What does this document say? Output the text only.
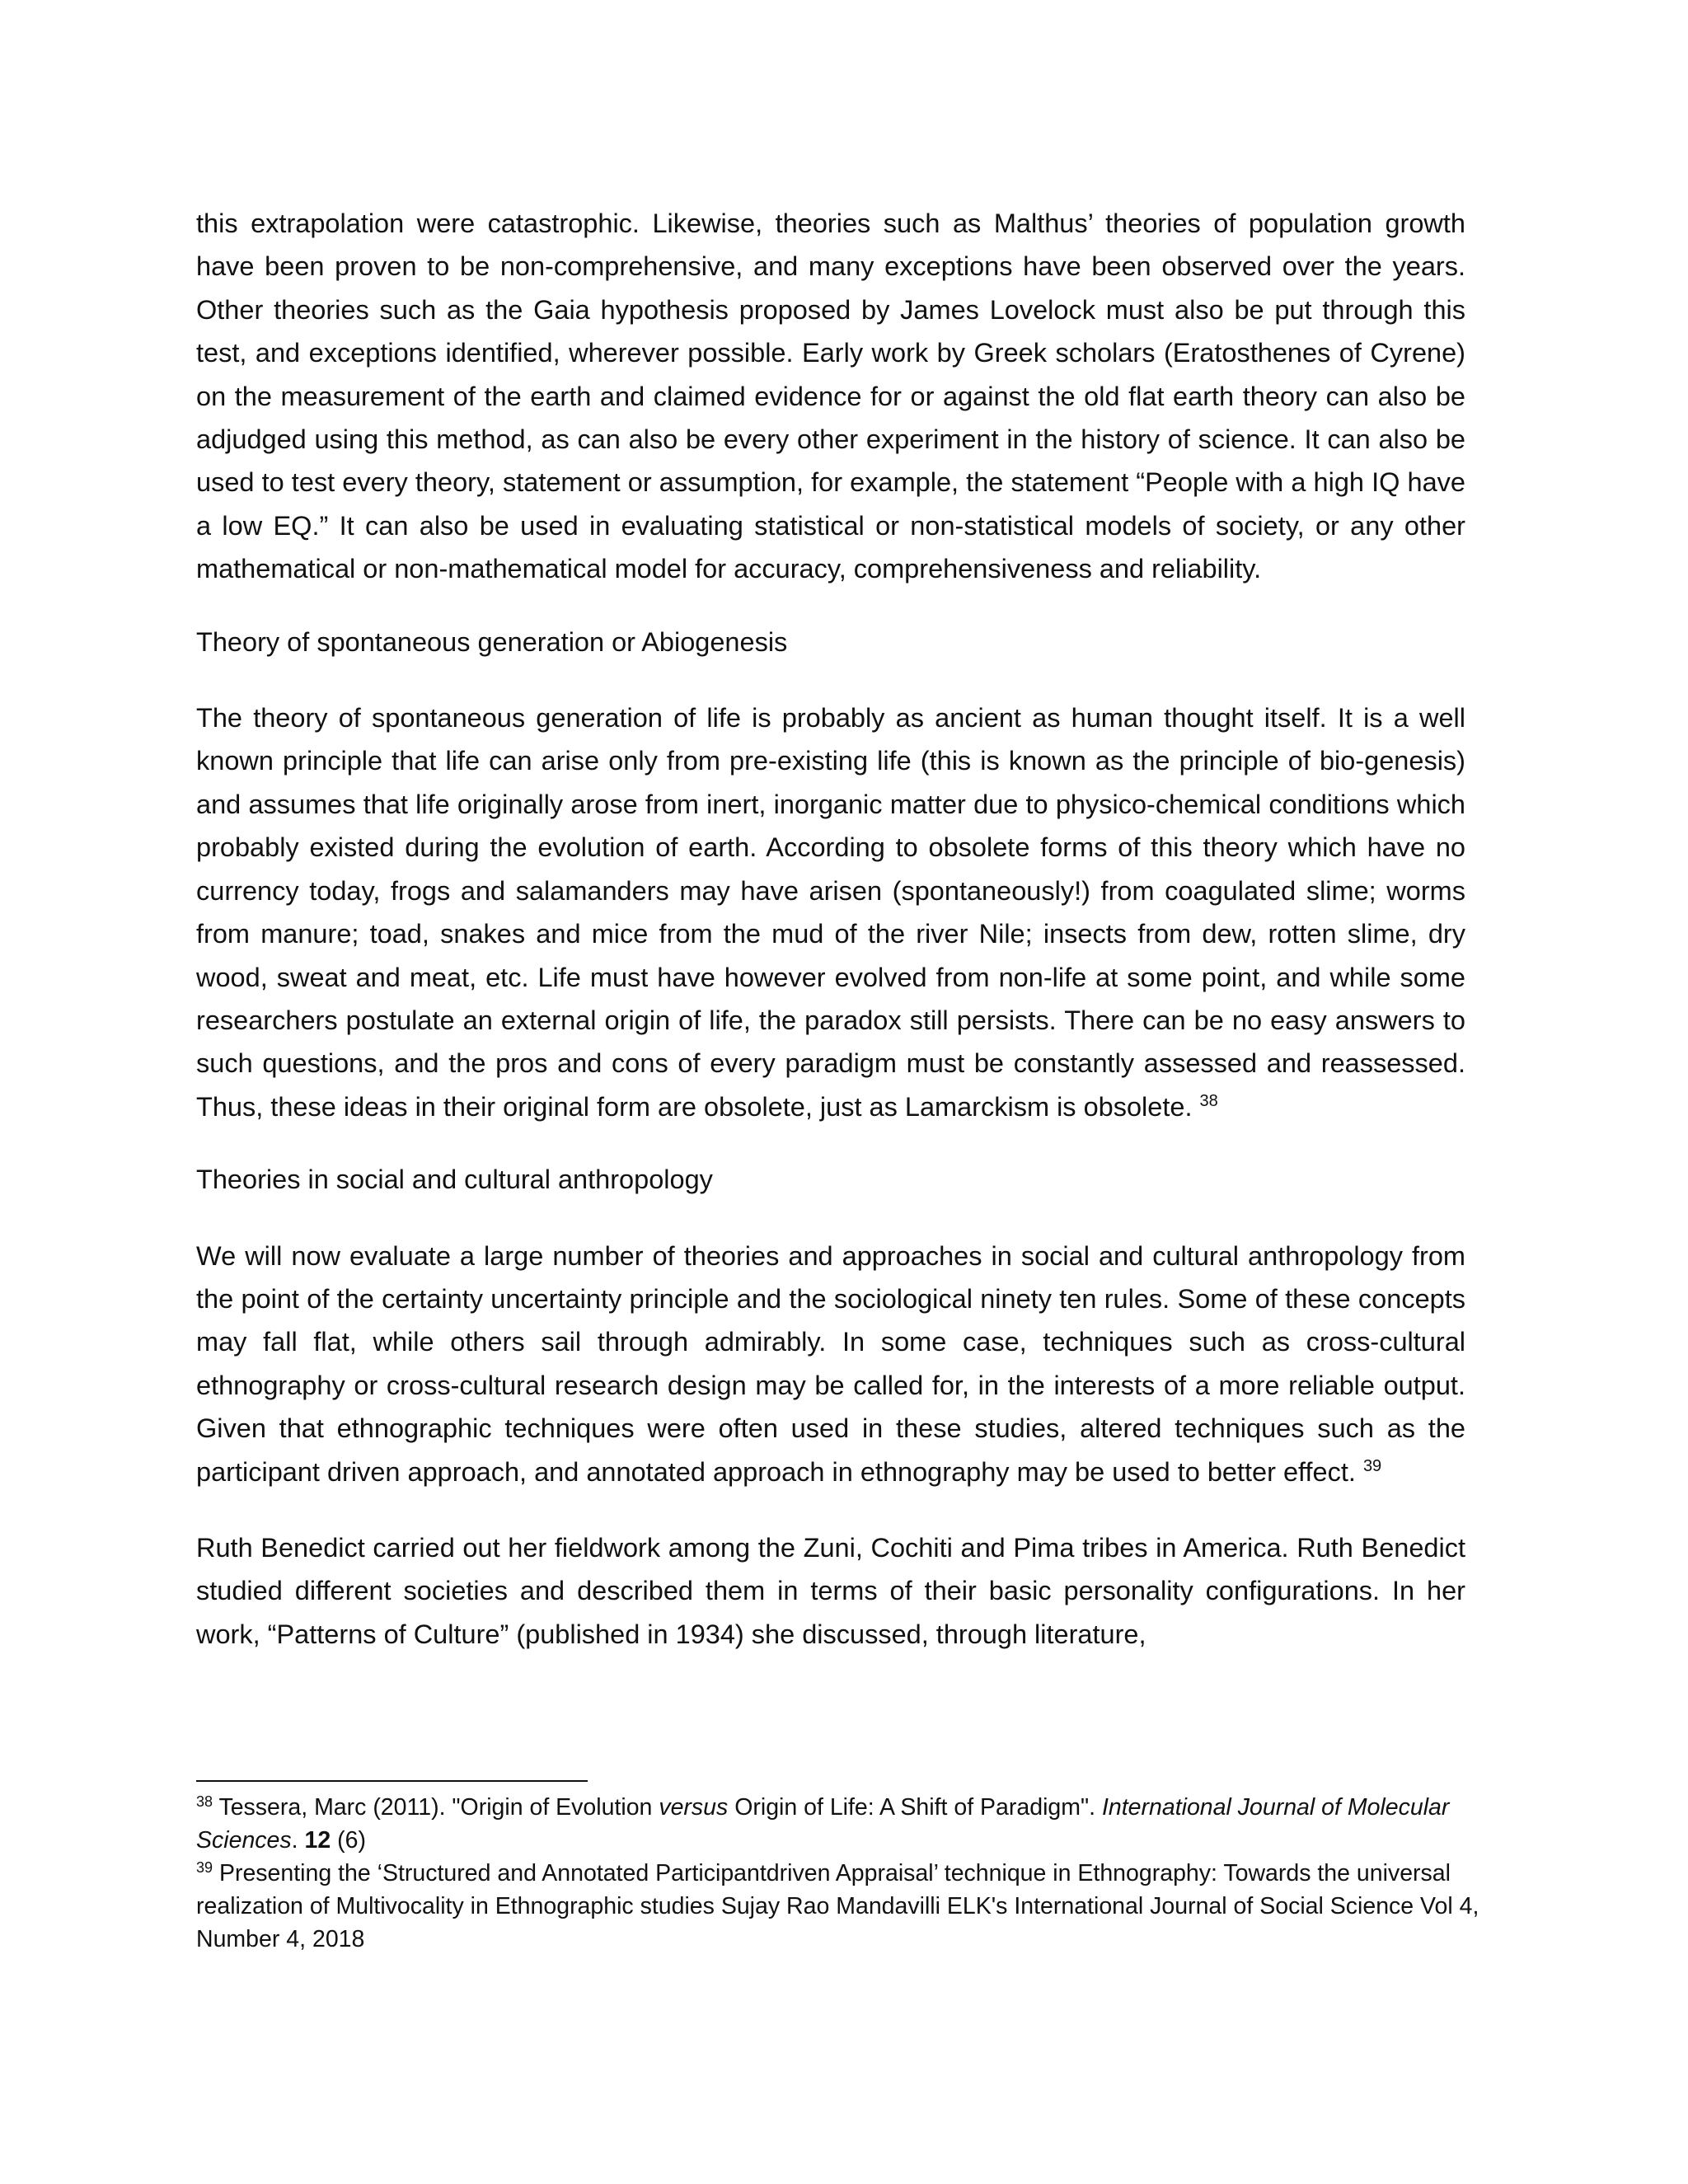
this extrapolation were catastrophic. Likewise, theories such as Malthus’ theories of population growth have been proven to be non-comprehensive, and many exceptions have been observed over the years. Other theories such as the Gaia hypothesis proposed by James Lovelock must also be put through this test, and exceptions identified, wherever possible. Early work by Greek scholars (Eratosthenes of Cyrene) on the measurement of the earth and claimed evidence for or against the old flat earth theory can also be adjudged using this method, as can also be every other experiment in the history of science. It can also be used to test every theory, statement or assumption, for example, the statement “People with a high IQ have a low EQ.” It can also be used in evaluating statistical or non-statistical models of society, or any other mathematical or non-mathematical model for accuracy, comprehensiveness and reliability.

Theory of spontaneous generation or Abiogenesis

The theory of spontaneous generation of life is probably as ancient as human thought itself. It is a well known principle that life can arise only from pre-existing life (this is known as the principle of bio-genesis) and assumes that life originally arose from inert, inorganic matter due to physico-chemical conditions which probably existed during the evolution of earth. According to obsolete forms of this theory which have no currency today, frogs and salamanders may have arisen (spontaneously!) from coagulated slime; worms from manure; toad, snakes and mice from the mud of the river Nile; insects from dew, rotten slime, dry wood, sweat and meat, etc. Life must have however evolved from non-life at some point, and while some researchers postulate an external origin of life, the paradox still persists. There can be no easy answers to such questions, and the pros and cons of every paradigm must be constantly assessed and reassessed. Thus, these ideas in their original form are obsolete, just as Lamarckism is obsolete. $^{38}$

Theories in social and cultural anthropology

We will now evaluate a large number of theories and approaches in social and cultural anthropology from the point of the certainty uncertainty principle and the sociological ninety ten rules. Some of these concepts may fall flat, while others sail through admirably. In some case, techniques such as cross-cultural ethnography or cross-cultural research design may be called for, in the interests of a more reliable output. Given that ethnographic techniques were often used in these studies, altered techniques such as the participant driven approach, and annotated approach in ethnography may be used to better effect. $^{39}$

Ruth Benedict carried out her fieldwork among the Zuni, Cochiti and Pima tribes in America. Ruth Benedict studied different societies and described them in terms of their basic personality configurations. In her work, “Patterns of Culture” (published in 1934) she discussed, through literature,

$^{38}$ Tessera, Marc (2011). "Origin of Evolution versus Origin of Life: A Shift of Paradigm". International Journal of Molecular Sciences. 12 (6)

$^{39}$ Presenting the ‘Structured and Annotated Participantdriven Appraisal’ technique in Ethnography: Towards the universal realization of Multivocality in Ethnographic studies Sujay Rao Mandavilli ELK's International Journal of Social Science Vol 4, Number 4, 2018
